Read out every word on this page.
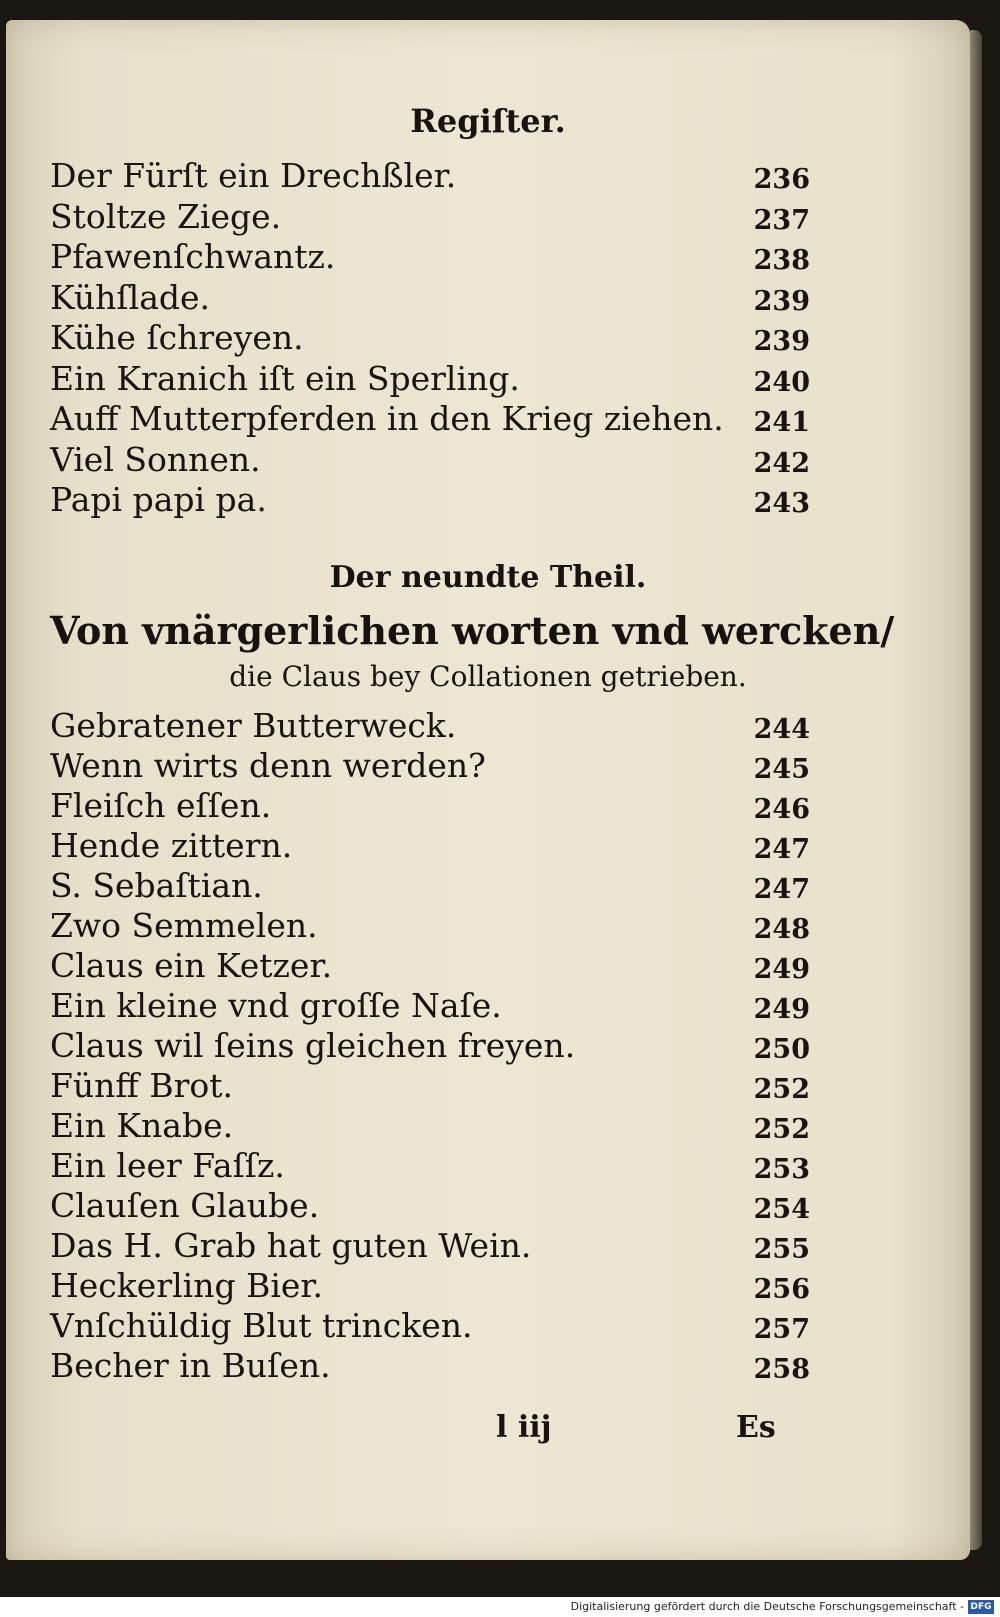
Regiſter.
Der Fürſt ein Drechßler.	236
Stoltze Ziege.	237
Pfawenſchwantz.	238
Kühſlade.	239
Kühe ſchreyen.	239
Ein Kranich iſt ein Sperling.	240
Auff Mutterpferden in den Krieg ziehen. 241
Viel Sonnen.	242
Papi papi pa.	243
Der neundte Theil.
Von vnärgerlichen worten vnd wercken/
die Claus bey Collationen getrieben.
Gebratener Butterweck.	244
Wenn wirts denn werden?	245
Fleiſch eſſen.	246
Hende zittern.	247
S. Sebaſtian.	247
Zwo Semmelen.	248
Claus ein Ketzer.	249
Ein kleine vnd groſſe Naſe.	249
Claus wil ſeins gleichen freyen.	250
Fünff Brot.	252
Ein Knabe.	252
Ein leer Faſſz.	253
Clauſen Glaube.	254
Das H. Grab hat guten Wein.	255
Heckerling Bier.	256
Vnſchüldig Blut trincken.	257
Becher in Buſen.	258
l iij	Es
Digitalisierung gefördert durch die Deutsche Forschungsgemeinschaft - DFG
